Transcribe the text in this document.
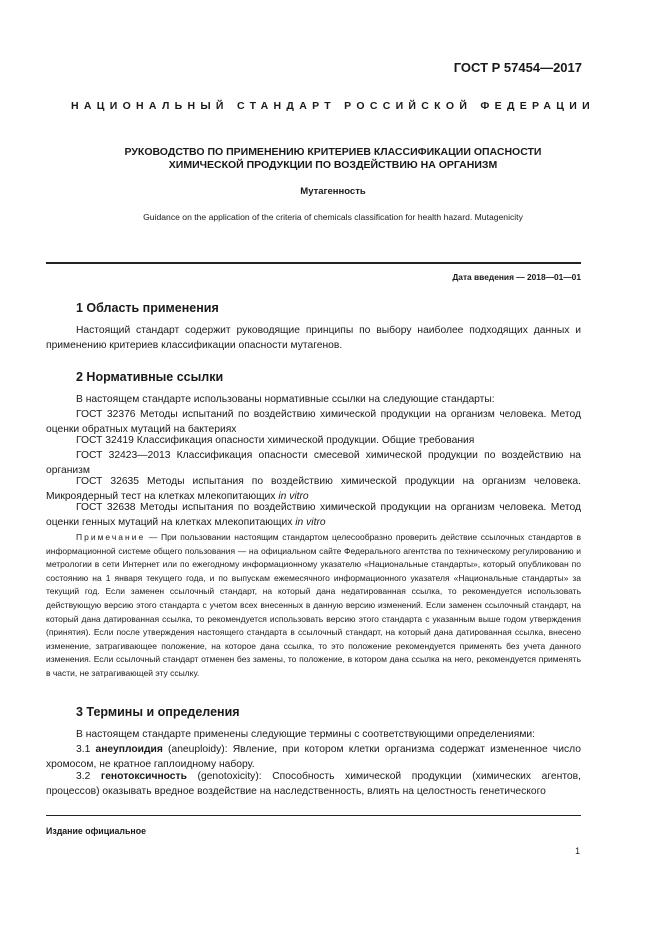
ГОСТ Р 57454—2017
НАЦИОНАЛЬНЫЙ СТАНДАРТ РОССИЙСКОЙ ФЕДЕРАЦИИ
РУКОВОДСТВО ПО ПРИМЕНЕНИЮ КРИТЕРИЕВ КЛАССИФИКАЦИИ ОПАСНОСТИ
ХИМИЧЕСКОЙ ПРОДУКЦИИ ПО ВОЗДЕЙСТВИЮ НА ОРГАНИЗМ
Мутагенность
Guidance on the application of the criteria of chemicals classification for health hazard. Mutagenicity
Дата введения — 2018—01—01
1 Область применения
Настоящий стандарт содержит руководящие принципы по выбору наиболее подходящих данных и применению критериев классификации опасности мутагенов.
2 Нормативные ссылки
В настоящем стандарте использованы нормативные ссылки на следующие стандарты:
ГОСТ 32376 Методы испытаний по воздействию химической продукции на организм человека. Метод оценки обратных мутаций на бактериях
ГОСТ 32419 Классификация опасности химической продукции. Общие требования
ГОСТ 32423—2013 Классификация опасности смесевой химической продукции по воздействию на организм
ГОСТ 32635 Методы испытания по воздействию химической продукции на организм человека. Микроядерный тест на клетках млекопитающих in vitro
ГОСТ 32638 Методы испытания по воздействию химической продукции на организм человека. Метод оценки генных мутаций на клетках млекопитающих in vitro
Примечание — При пользовании настоящим стандартом целесообразно проверить действие ссылочных стандартов в информационной системе общего пользования — на официальном сайте Федерального агентства по техническому регулированию и метрологии в сети Интернет или по ежегодному информационному указателю «Национальные стандарты», который опубликован по состоянию на 1 января текущего года, и по выпускам ежемесячного информационного указателя «Национальные стандарты» за текущий год. Если заменен ссылочный стандарт, на который дана недатированная ссылка, то рекомендуется использовать действующую версию этого стандарта с учетом всех внесенных в данную версию изменений. Если заменен ссылочный стандарт, на который дана датированная ссылка, то рекомендуется использовать версию этого стандарта с указанным выше годом утверждения (принятия). Если после утверждения настоящего стандарта в ссылочный стандарт, на который дана датированная ссылка, внесено изменение, затрагивающее положение, на которое дана ссылка, то это положение рекомендуется применять без учета данного изменения. Если ссылочный стандарт отменен без замены, то положение, в котором дана ссылка на него, рекомендуется применять в части, не затрагивающей эту ссылку.
3 Термины и определения
В настоящем стандарте применены следующие термины с соответствующими определениями:
3.1 анеуплоидия (aneuploidy): Явление, при котором клетки организма содержат измененное число хромосом, не кратное гаплоидному набору.
3.2 генотоксичность (genotoxicity): Способность химической продукции (химических агентов, процессов) оказывать вредное воздействие на наследственность, влиять на целостность генетического
Издание официальное
1
